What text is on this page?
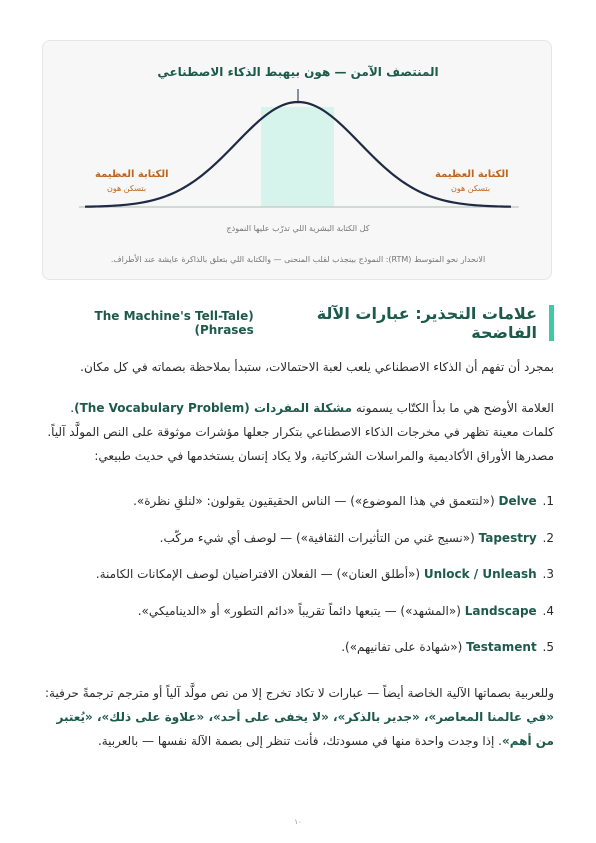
المنتصف الآمن — هون بيهبط الذكاء الاصطناعي
الكتابة العظيمة
بتسكن هون
الكتابة العظيمة
بتسكن هون
كل الكتابة البشرية اللي تدرّب عليها النموذج
الانحدار نحو المتوسط (RTM): النموذج بينجذب لقلب المنحنى — والكتابة اللي بتعلق بالذاكرة عايشة عند الأطراف.
علامات التحذير: عبارات الآلة الفاضحة
(The Machine's Tell-Tale Phrases)

بمجرد أن تفهم أن الذكاء الاصطناعي يلعب لعبة الاحتمالات، ستبدأ بملاحظة بصماته في كل مكان.

العلامة الأوضح هي ما بدأ الكتّاب يسمونه مشكلة المفردات (The Vocabulary Problem). كلمات معينة تظهر في مخرجات الذكاء الاصطناعي بتكرار جعلها مؤشرات موثوقة على النص المولَّد آلياً. مصدرها الأوراق الأكاديمية والمراسلات الشركاتية، ولا يكاد إنسان يستخدمها في حديث طبيعي:

1. Delve («لنتعمق في هذا الموضوع») — الناس الحقيقيون يقولون: «لنلقِ نظرة».
2. Tapestry («نسيج غني من التأثيرات الثقافية») — لوصف أي شيء مركّب.
3. Unlock / Unleash («أطلق العنان») — الفعلان الافتراضيان لوصف الإمكانات الكامنة.
4. Landscape («المشهد») — يتبعها دائماً تقريباً «دائم التطور» أو «الديناميكي».
5. Testament («شهادة على تفانيهم»).

وللعربية بصماتها الآلية الخاصة أيضاً — عبارات لا تكاد تخرج إلا من نص مولَّد آلياً أو مترجم ترجمةً حرفية: «في عالمنا المعاصر»، «جدير بالذكر»، «لا يخفى على أحد»، «علاوة على ذلك»، «يُعتبر من أهم». إذا وجدت واحدة منها في مسودتك، فأنت تنظر إلى بصمة الآلة نفسها — بالعربية.

١٠
